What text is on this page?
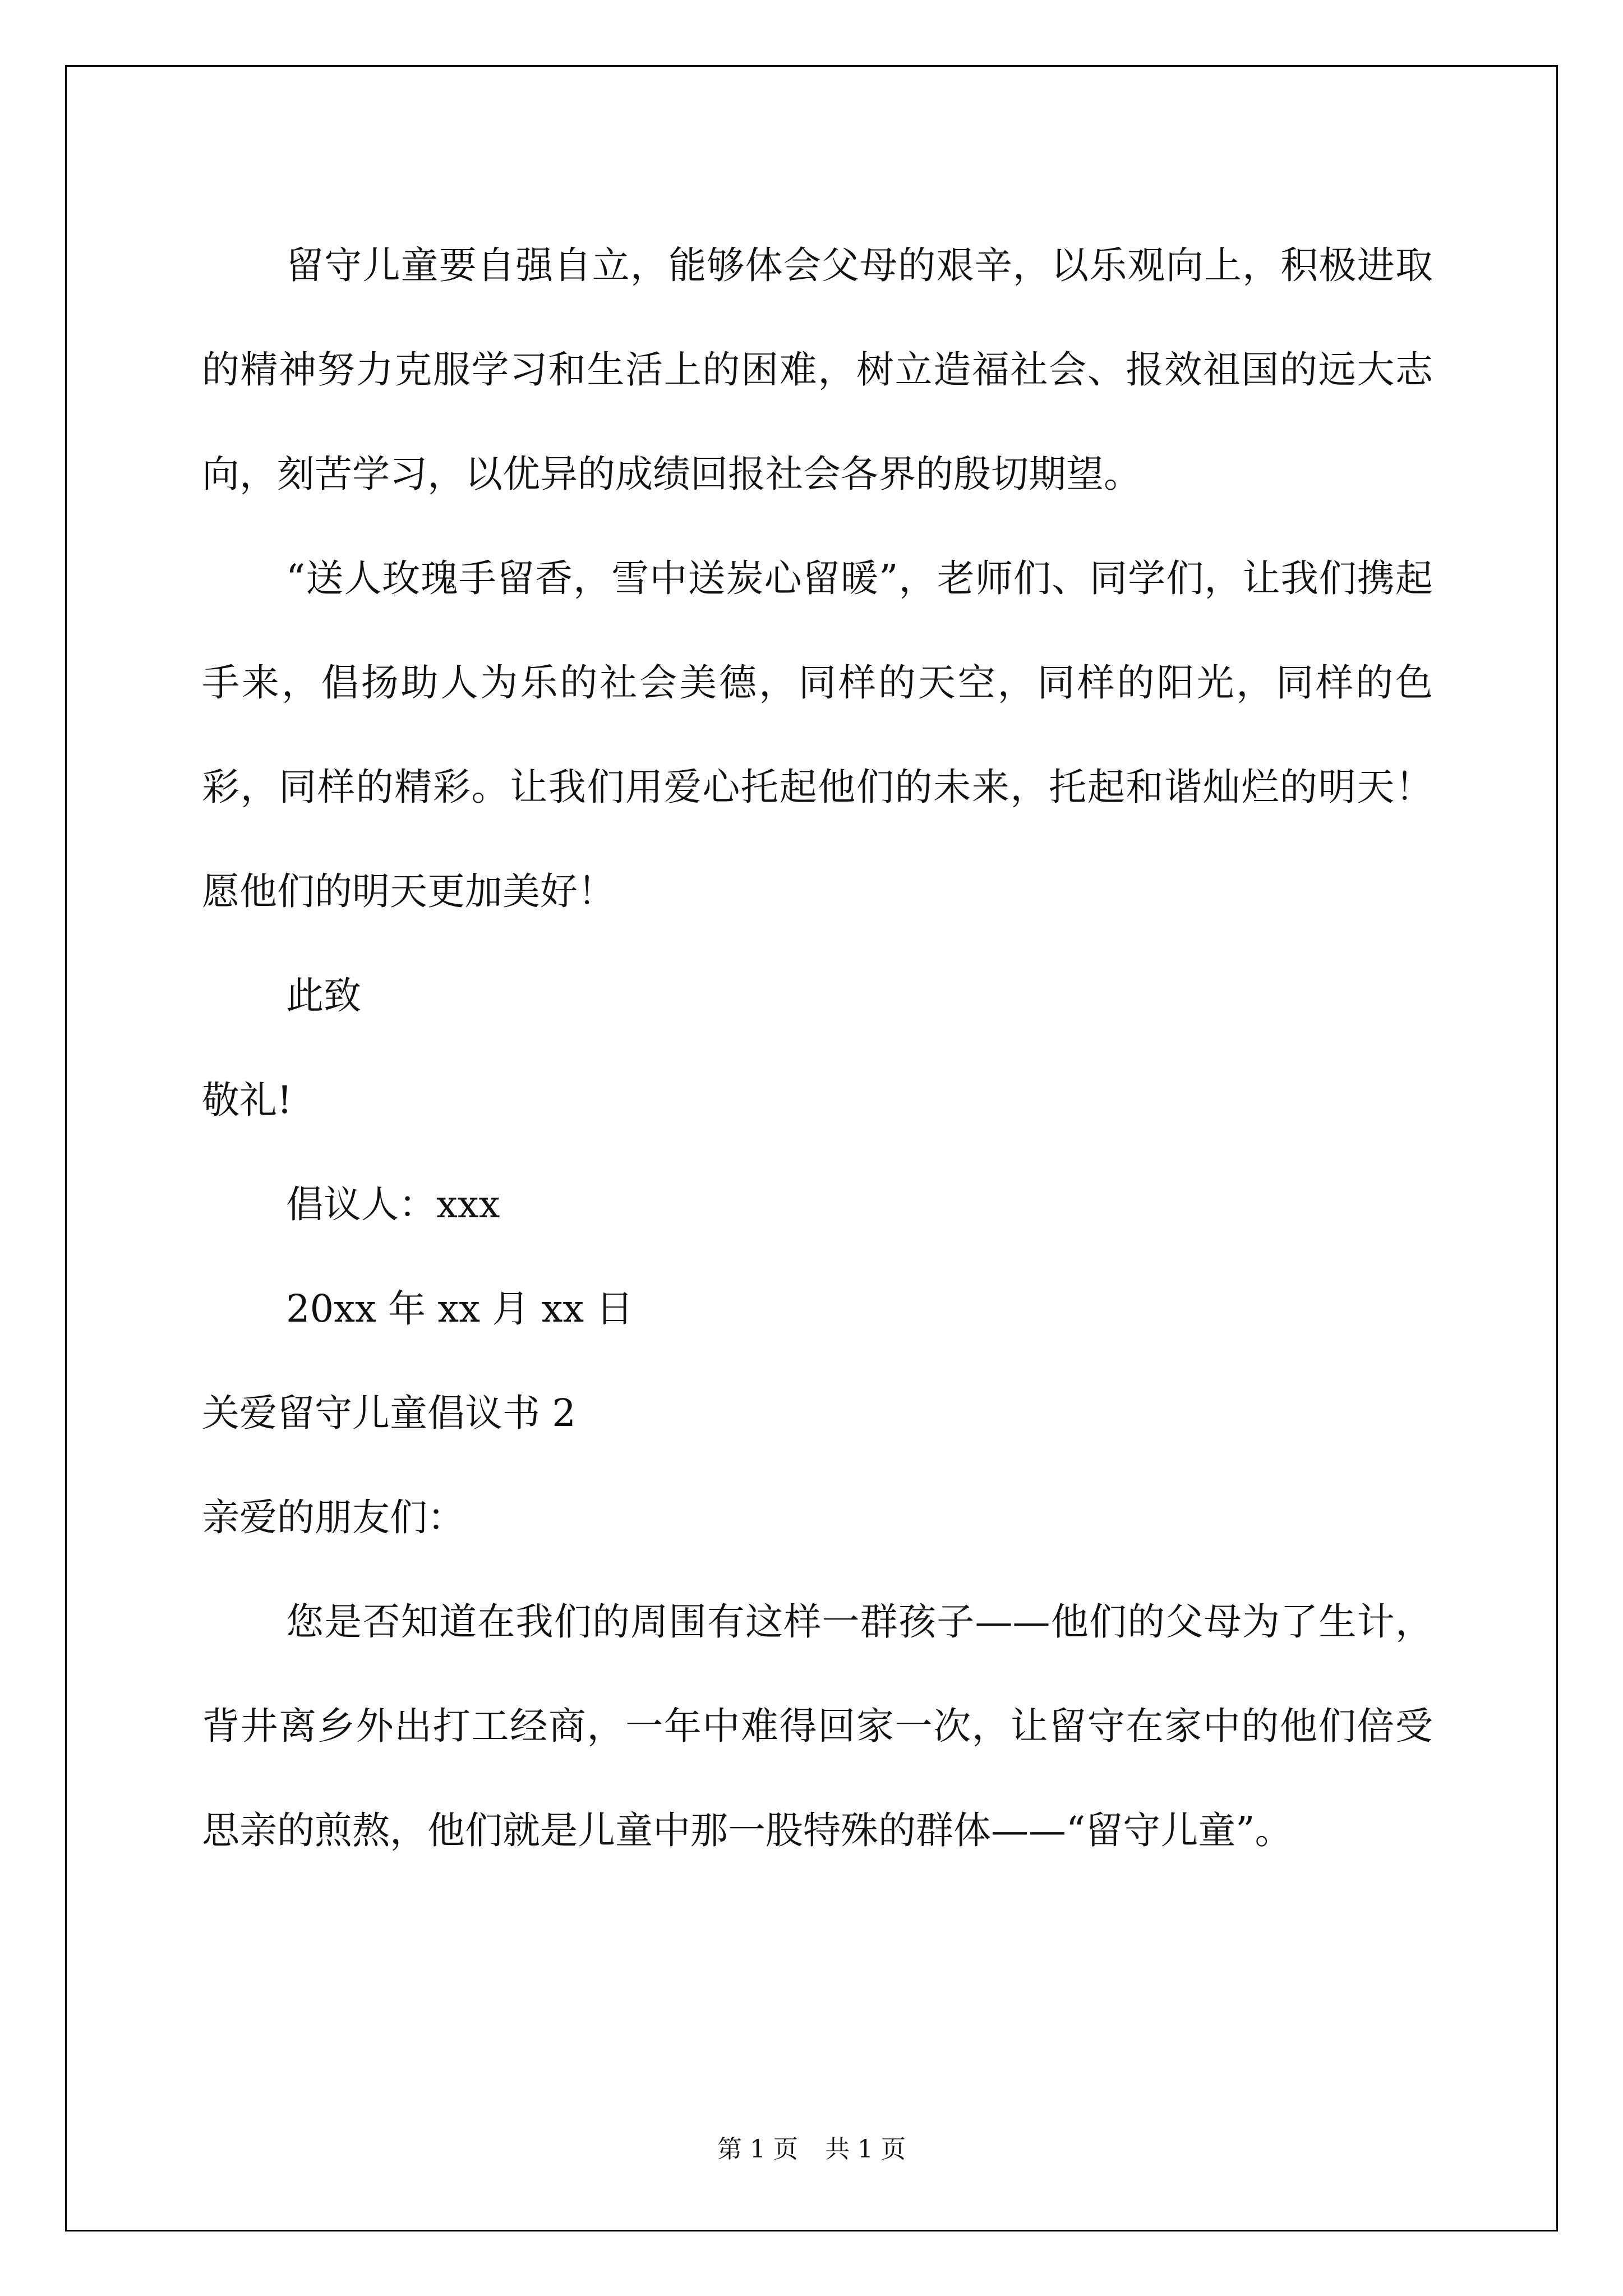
留守儿童要自强自立，能够体会父母的艰辛，以乐观向上，积极进取的精神努力克服学习和生活上的困难，树立造福社会、报效祖国的远大志向，刻苦学习，以优异的成绩回报社会各界的殷切期望。

“送人玫瑰手留香，雪中送炭心留暖”，老师们、同学们，让我们携起手来，倡扬助人为乐的社会美德，同样的天空，同样的阳光，同样的色彩，同样的精彩。让我们用爱心托起他们的未来，托起和谐灿烂的明天！愿他们的明天更加美好！

此致

敬礼!

倡议人：xxx

20xx 年 xx 月 xx 日

关爱留守儿童倡议书 2

亲爱的朋友们：

您是否知道在我们的周围有这样一群孩子——他们的父母为了生计，背井离乡外出打工经商，一年中难得回家一次，让留守在家中的他们倍受思亲的煎熬，他们就是儿童中那一股特殊的群体——“留守儿童”。

第 1 页 共 1 页
